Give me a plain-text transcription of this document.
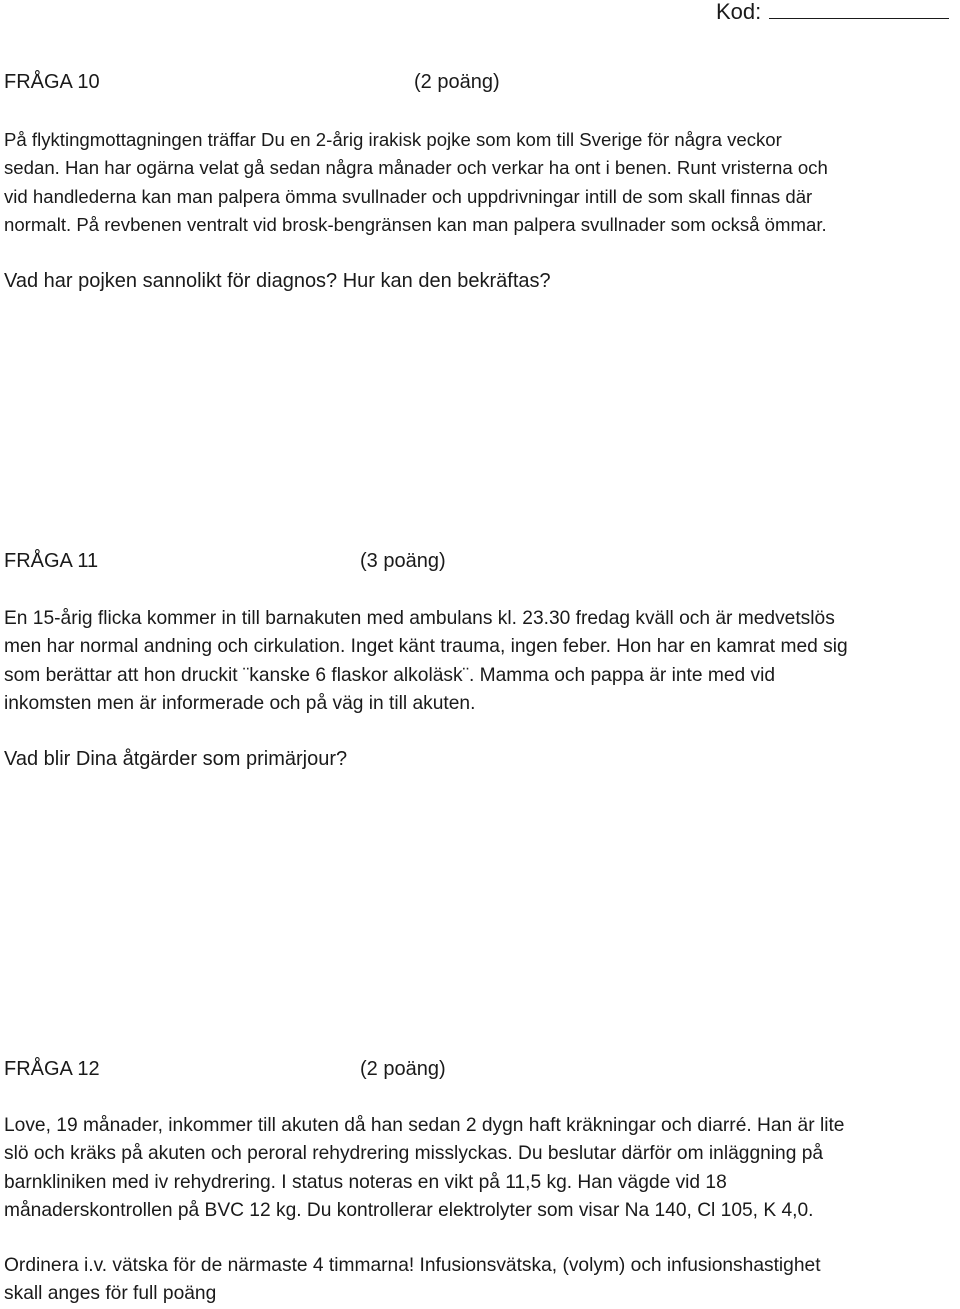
Kod:
FRÅGA 10	(2 poäng)
På flyktingmottagningen träffar Du en 2-årig irakisk pojke som kom till Sverige för några veckor
sedan. Han har ogärna velat gå sedan några månader och verkar ha ont i benen. Runt vristerna och
vid handlederna kan man palpera ömma svullnader och uppdrivningar intill de som skall finnas där
normalt. På revbenen ventralt vid brosk-bengränsen kan man palpera svullnader som också ömmar.
Vad har pojken sannolikt för diagnos? Hur kan den bekräftas?
FRÅGA 11	(3 poäng)
En 15-årig flicka kommer in till barnakuten med ambulans kl. 23.30 fredag kväll och är medvetslös
men har normal andning och cirkulation. Inget känt trauma, ingen feber. Hon har en kamrat med sig
som berättar att hon druckit ¨kanske 6 flaskor alkoläsk¨. Mamma och pappa är inte med vid
inkomsten men är informerade och på väg in till akuten.
Vad blir Dina åtgärder som primärjour?
FRÅGA 12	(2 poäng)
Love, 19 månader, inkommer till akuten då han sedan 2 dygn haft kräkningar och diarré. Han är lite
slö och kräks på akuten och peroral rehydrering misslyckas. Du beslutar därför om inläggning på
barnkliniken med iv rehydrering. I status noteras en vikt på 11,5 kg. Han vägde vid 18
månaderskontrollen på BVC 12 kg. Du kontrollerar elektrolyter som visar Na 140, Cl 105, K 4,0.
Ordinera i.v. vätska för de närmaste 4 timmarna! Infusionsvätska, (volym) och infusionshastighet
skall anges för full poäng
